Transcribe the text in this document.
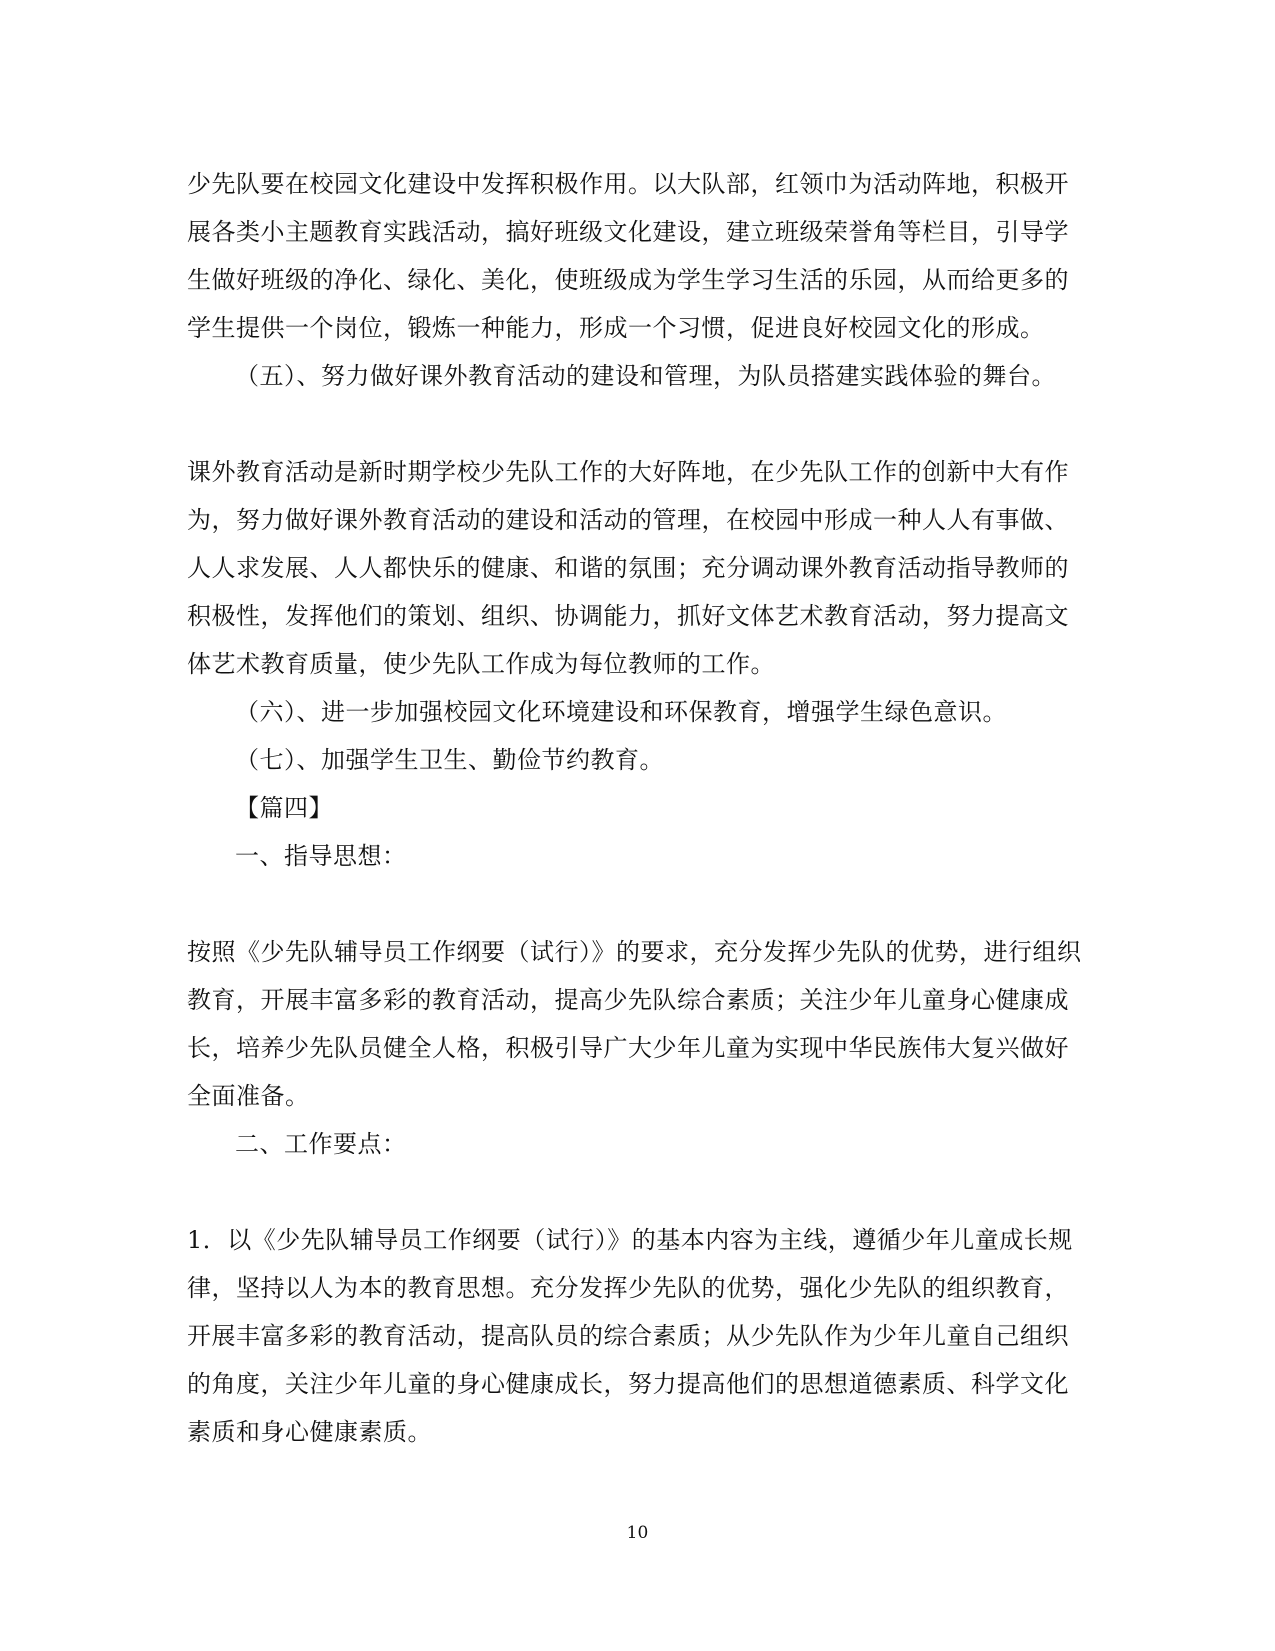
少先队要在校园文化建设中发挥积极作用。以大队部，红领巾为活动阵地，积极开展各类小主题教育实践活动，搞好班级文化建设，建立班级荣誉角等栏目，引导学生做好班级的净化、绿化、美化，使班级成为学生学习生活的乐园，从而给更多的学生提供一个岗位，锻炼一种能力，形成一个习惯，促进良好校园文化的形成。

（五）、努力做好课外教育活动的建设和管理，为队员搭建实践体验的舞台。

课外教育活动是新时期学校少先队工作的大好阵地，在少先队工作的创新中大有作为，努力做好课外教育活动的建设和活动的管理，在校园中形成一种人人有事做、人人求发展、人人都快乐的健康、和谐的氛围；充分调动课外教育活动指导教师的积极性，发挥他们的策划、组织、协调能力，抓好文体艺术教育活动，努力提高文体艺术教育质量，使少先队工作成为每位教师的工作。

（六）、进一步加强校园文化环境建设和环保教育，增强学生绿色意识。

（七）、加强学生卫生、勤俭节约教育。

【篇四】

一、指导思想：

按照《少先队辅导员工作纲要（试行）》的要求，充分发挥少先队的优势，进行组织教育，开展丰富多彩的教育活动，提高少先队综合素质；关注少年儿童身心健康成长，培养少先队员健全人格，积极引导广大少年儿童为实现中华民族伟大复兴做好全面准备。

二、工作要点：

1．以《少先队辅导员工作纲要（试行）》的基本内容为主线，遵循少年儿童成长规律，坚持以人为本的教育思想。充分发挥少先队的优势，强化少先队的组织教育，开展丰富多彩的教育活动，提高队员的综合素质；从少先队作为少年儿童自己组织的角度，关注少年儿童的身心健康成长，努力提高他们的思想道德素质、科学文化素质和身心健康素质。

10
